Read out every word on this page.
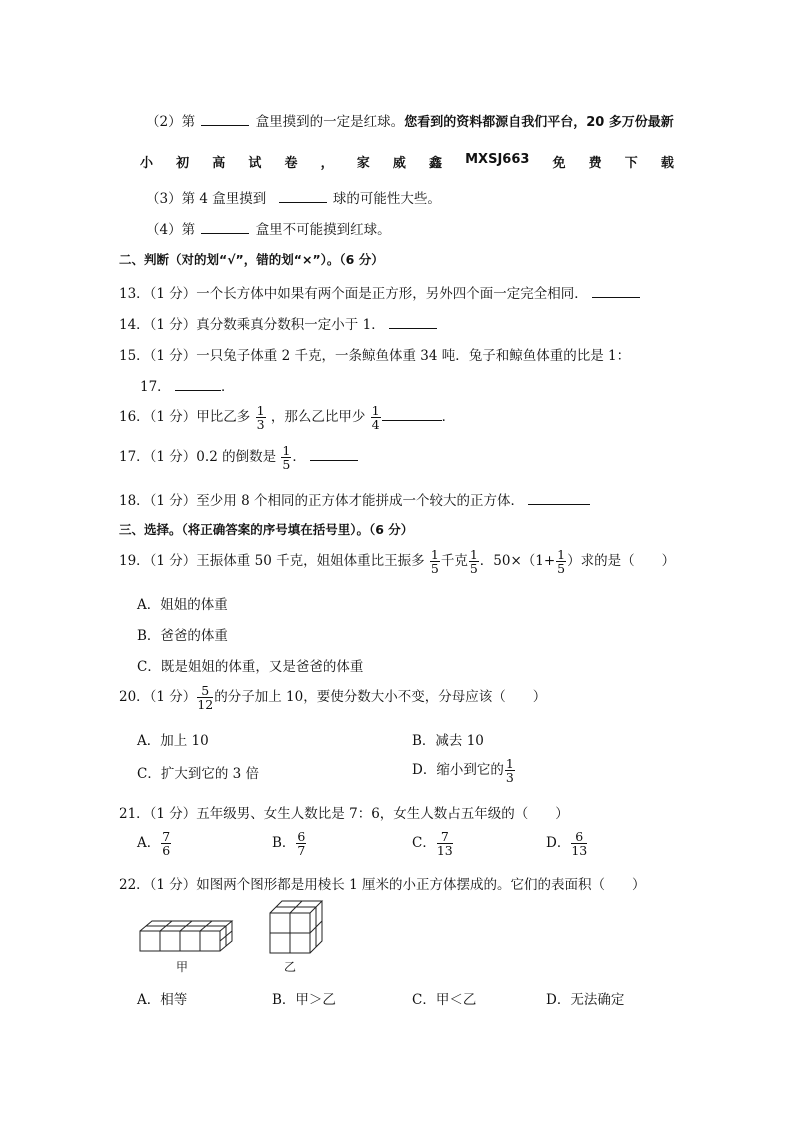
（2）第	盒里摸到的一定是红球。您看到的资料都源自我们平台，20 多万份最新
小 初 高 试 卷 ， 家 威 鑫 MXSJ663 免 费 下 载
（3）第 4 盒里摸到	球的可能性大些。
（4）第	盒里不可能摸到红球。
二、判断（对的划“√”，错的划“×”）。（6 分）
13．（1 分）一个长方体中如果有两个面是正方形，另外四个面一定完全相同．
14．（1 分）真分数乘真分数积一定小于 1．
15．（1 分）一只兔子体重 2 千克，一条鲸鱼体重 34 吨．兔子和鲸鱼体重的比是 1：
17．	．
16．（1 分）甲比乙多 $\frac{1}{3}$ ，那么乙比甲少 $\frac{1}{4}$	．
17．（1 分）0.2 的倒数是 $\frac{1}{5}$ ．
18．（1 分）至少用 8 个相同的正方体才能拼成一个较大的正方体．
三、选择。（将正确答案的序号填在括号里）。（6 分）
19．（1 分）王振体重 50 千克，姐姐体重比王振多 $\frac{1}{5}$ 千克 $\frac{1}{5}$ ．$50\times(1+ \frac{1}{5}$ ）求的是（　　）
A．姐姐的体重
B．爸爸的体重
C．既是姐姐的体重，又是爸爸的体重
20．（1 分） $\frac{5}{12}$ 的分子加上 10，要使分数大小不变，分母应该（　　）
A．加上 10	B．减去 10
C．扩大到它的 3 倍	D．缩小到它的 $\frac{1}{3}$
21．（1 分）五年级男、女生人数比是 7：6，女生人数占五年级的（　　）
A． $\frac{7}{6}$	B． $\frac{6}{7}$	C． $\frac{7}{13}$	D． $\frac{6}{13}$
22．（1 分）如图两个图形都是用棱长 1 厘米的小正方体摆成的。它们的表面积（　　）
甲	乙
A．相等	B．甲＞乙	C．甲＜乙	D．无法确定
